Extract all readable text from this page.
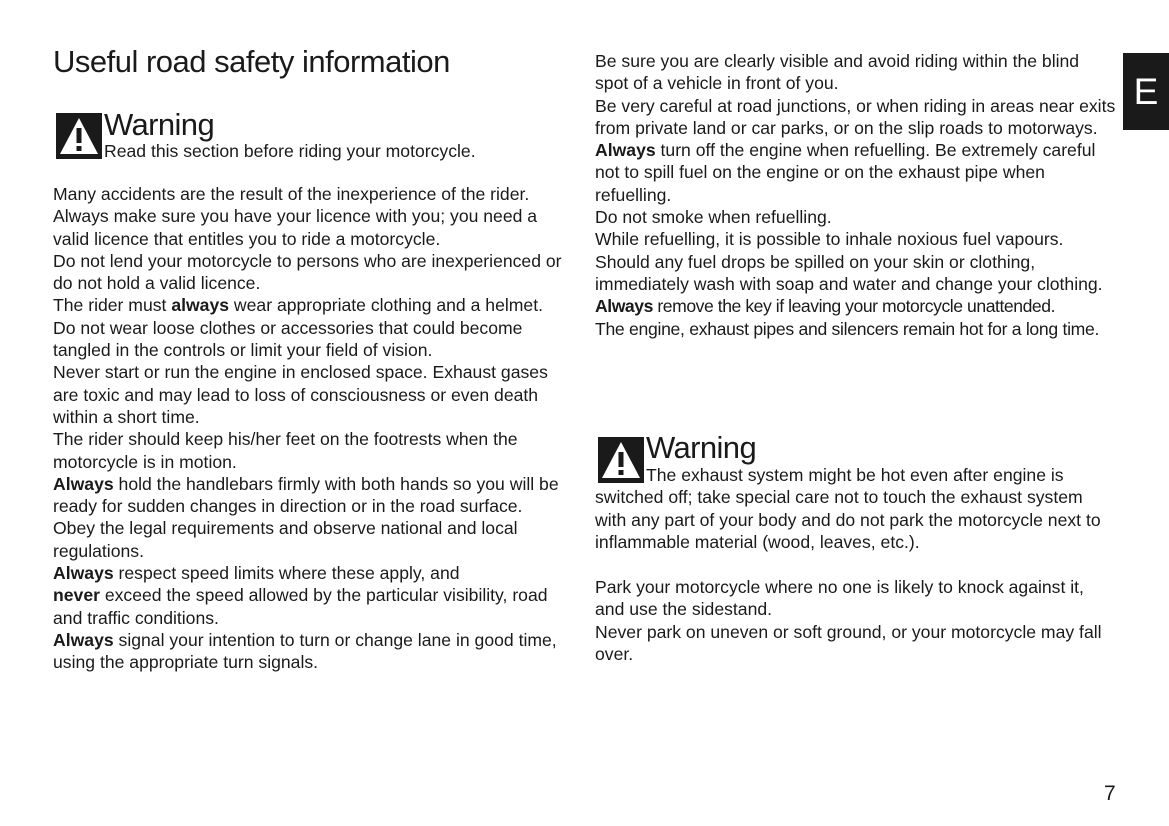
Useful road safety information
Warning
Read this section before riding your motorcycle.

Many accidents are the result of the inexperience of the rider. Always make sure you have your licence with you; you need a valid licence that entitles you to ride a motorcycle.

Do not lend your motorcycle to persons who are inexperienced or do not hold a valid licence.

The rider must always wear appropriate clothing and a helmet.

Do not wear loose clothes or accessories that could become tangled in the controls or limit your field of vision.

Never start or run the engine in enclosed space. Exhaust gases are toxic and may lead to loss of consciousness or even death within a short time.

The rider should keep his/her feet on the footrests when the motorcycle is in motion.

Always hold the handlebars firmly with both hands so you will be ready for sudden changes in direction or in the road surface.

Obey the legal requirements and observe national and local regulations.

Always respect speed limits where these apply, and

never exceed the speed allowed by the particular visibility, road and traffic conditions.

Always signal your intention to turn or change lane in good time, using the appropriate turn signals.

Be sure you are clearly visible and avoid riding within the blind spot of a vehicle in front of you.

Be very careful at road junctions, or when riding in areas near exits from private land or car parks, or on the slip roads to motorways.

Always turn off the engine when refuelling. Be extremely careful not to spill fuel on the engine or on the exhaust pipe when refuelling.

Do not smoke when refuelling.

While refuelling, it is possible to inhale noxious fuel vapours. Should any fuel drops be spilled on your skin or clothing, immediately wash with soap and water and change your clothing.

Always remove the key if leaving your motorcycle unattended.

The engine, exhaust pipes and silencers remain hot for a long time.

Warning
The exhaust system might be hot even after engine is switched off; take special care not to touch the exhaust system with any part of your body and do not park the motorcycle next to inflammable material (wood, leaves, etc.).

Park your motorcycle where no one is likely to knock against it, and use the sidestand.

Never park on uneven or soft ground, or your motorcycle may fall over.

E
7
